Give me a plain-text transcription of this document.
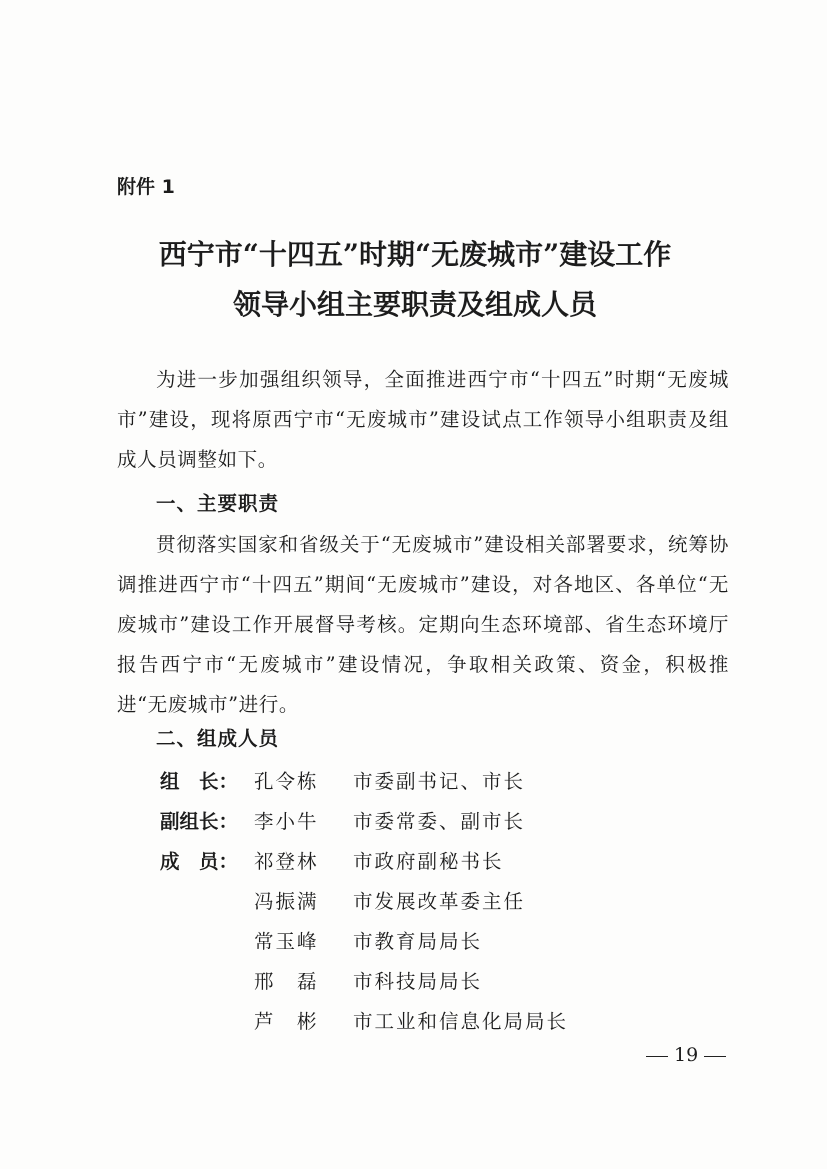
附件 1
西宁市“十四五”时期“无废城市”建设工作
领导小组主要职责及组成人员
为进一步加强组织领导，全面推进西宁市“十四五”时期“无废城市”建设，现将原西宁市“无废城市”建设试点工作领导小组职责及组成人员调整如下。
一、主要职责
贯彻落实国家和省级关于“无废城市”建设相关部署要求，统筹协调推进西宁市“十四五”期间“无废城市”建设，对各地区、各单位“无废城市”建设工作开展督导考核。定期向生态环境部、省生态环境厅报告西宁市“无废城市”建设情况，争取相关政策、资金，积极推进“无废城市”进行。
二、组成人员
组　长： 孔令栋	市委副书记、市长
副组长： 李小牛	市委常委、副市长
成　员： 祁登林	市政府副秘书长
冯振满	市发展改革委主任
常玉峰	市教育局局长
邢　磊	市科技局局长
芦　彬	市工业和信息化局局长
19
